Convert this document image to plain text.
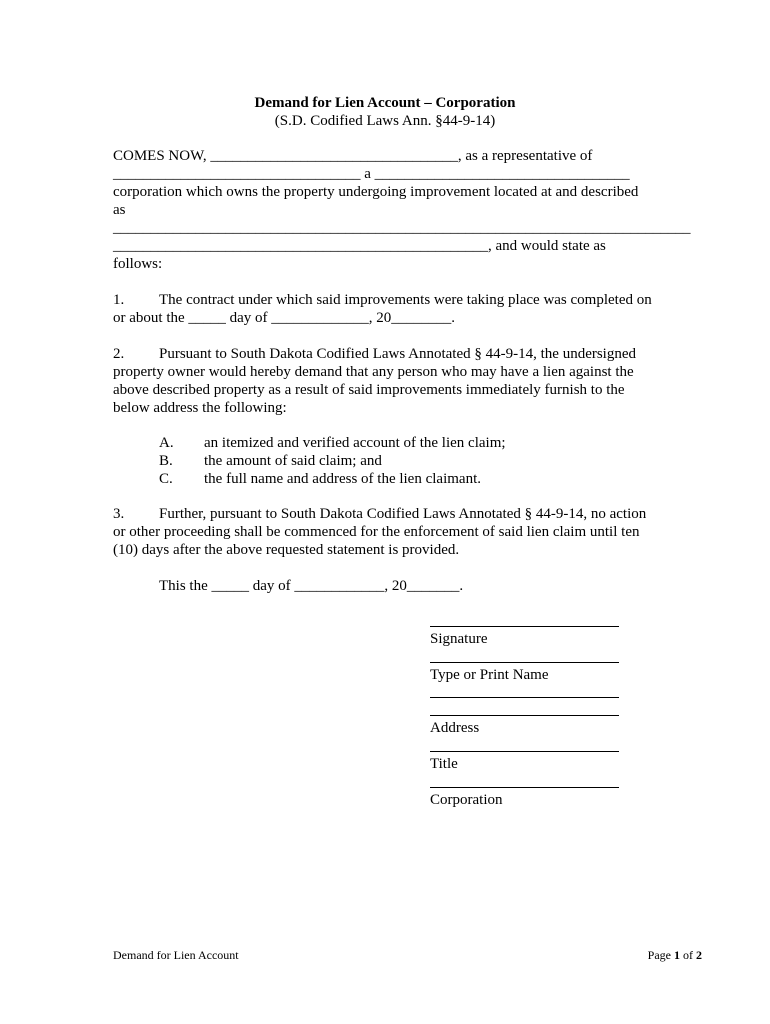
Demand for Lien Account – Corporation
(S.D. Codified Laws Ann. §44-9-14)
COMES NOW, _________________________________, as a representative of
_________________________________ a __________________________________
corporation which owns the property undergoing improvement located at and described
as
_____________________________________________________________________________
__________________________________________________, and would state as
follows:
1. The contract under which said improvements were taking place was completed on
or about the _____ day of _____________, 20________.
2. Pursuant to South Dakota Codified Laws Annotated § 44-9-14, the undersigned
property owner would hereby demand that any person who may have a lien against the
above described property as a result of said improvements immediately furnish to the
below address the following:
A. an itemized and verified account of the lien claim;
B. the amount of said claim; and
C. the full name and address of the lien claimant.
3. Further, pursuant to South Dakota Codified Laws Annotated § 44-9-14, no action
or other proceeding shall be commenced for the enforcement of said lien claim until ten
(10) days after the above requested statement is provided.
This the _____ day of ____________, 20_______.
Signature
Type or Print Name
Address
Title
Corporation
Demand for Lien Account	Page 1 of 2
